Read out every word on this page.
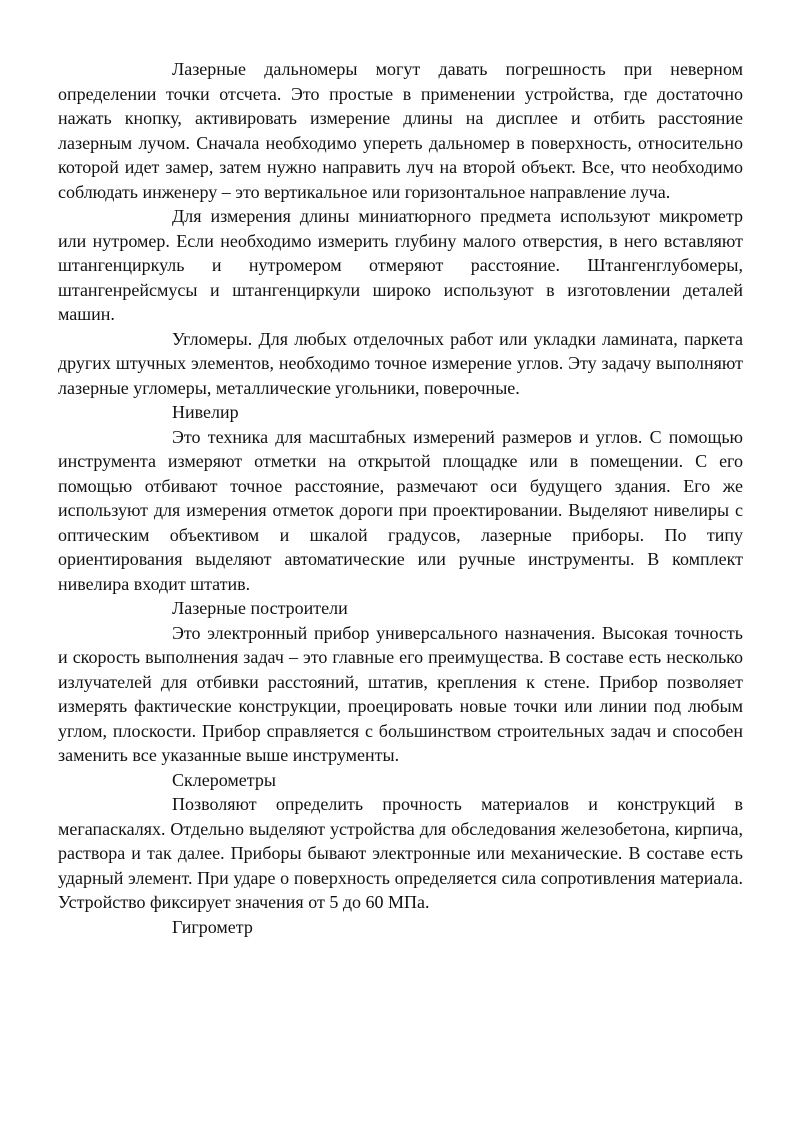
Лазерные дальномеры могут давать погрешность при неверном определении точки отсчета. Это простые в применении устройства, где достаточно нажать кнопку, активировать измерение длины на дисплее и отбить расстояние лазерным лучом. Сначала необходимо упереть дальномер в поверхность, относительно которой идет замер, затем нужно направить луч на второй объект. Все, что необходимо соблюдать инженеру – это вертикальное или горизонтальное направление луча.

Для измерения длины миниатюрного предмета используют микрометр или нутромер. Если необходимо измерить глубину малого отверстия, в него вставляют штангенциркуль и нутромером отмеряют расстояние. Штангенглубомеры, штангенрейсмусы и штангенциркули широко используют в изготовлении деталей машин.

Угломеры. Для любых отделочных работ или укладки ламината, паркета других штучных элементов, необходимо точное измерение углов. Эту задачу выполняют лазерные угломеры, металлические угольники, поверочные.

Нивелир

Это техника для масштабных измерений размеров и углов. С помощью инструмента измеряют отметки на открытой площадке или в помещении. С его помощью отбивают точное расстояние, размечают оси будущего здания. Его же используют для измерения отметок дороги при проектировании. Выделяют нивелиры с оптическим объективом и шкалой градусов, лазерные приборы. По типу ориентирования выделяют автоматические или ручные инструменты. В комплект нивелира входит штатив.

Лазерные построители

Это электронный прибор универсального назначения. Высокая точность и скорость выполнения задач – это главные его преимущества. В составе есть несколько излучателей для отбивки расстояний, штатив, крепления к стене. Прибор позволяет измерять фактические конструкции, проецировать новые точки или линии под любым углом, плоскости. Прибор справляется с большинством строительных задач и способен заменить все указанные выше инструменты.

Склерометры

Позволяют определить прочность материалов и конструкций в мегапаскалях. Отдельно выделяют устройства для обследования железобетона, кирпича, раствора и так далее. Приборы бывают электронные или механические. В составе есть ударный элемент. При ударе о поверхность определяется сила сопротивления материала. Устройство фиксирует значения от 5 до 60 МПа.

Гигрометр
